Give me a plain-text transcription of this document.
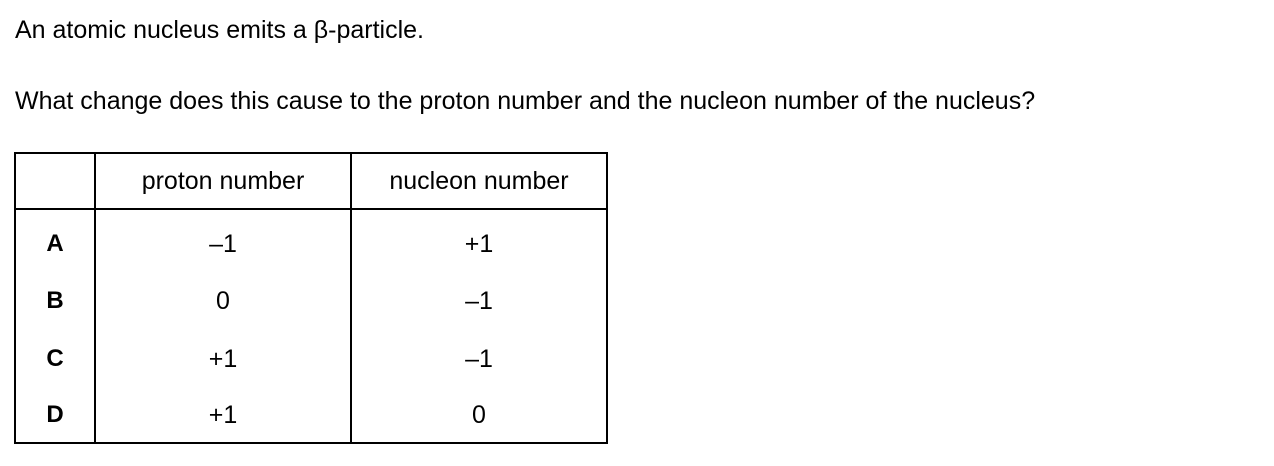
An atomic nucleus emits a β-particle.
What change does this cause to the proton number and the nucleon number of the nucleus?
	proton number	nucleon number
A	–1	+1
B	0	–1
C	+1	–1
D	+1	0
